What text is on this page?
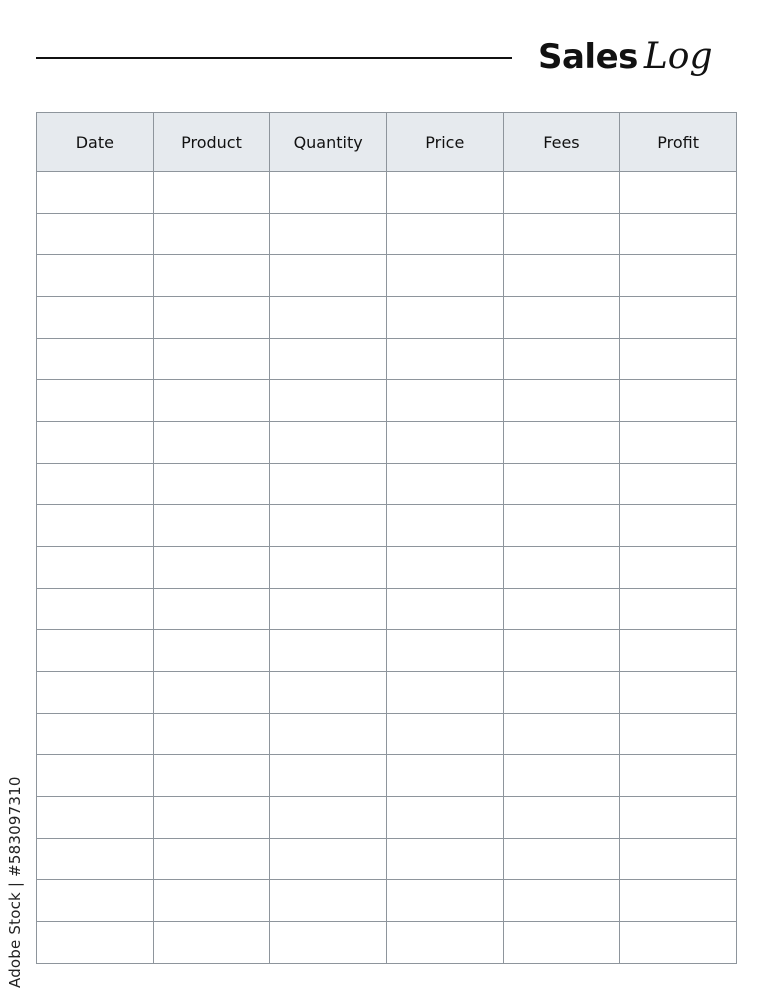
Sales Log
Date	Product	Quantity	Price	Fees	Profit

Adobe Stock | #583097310
